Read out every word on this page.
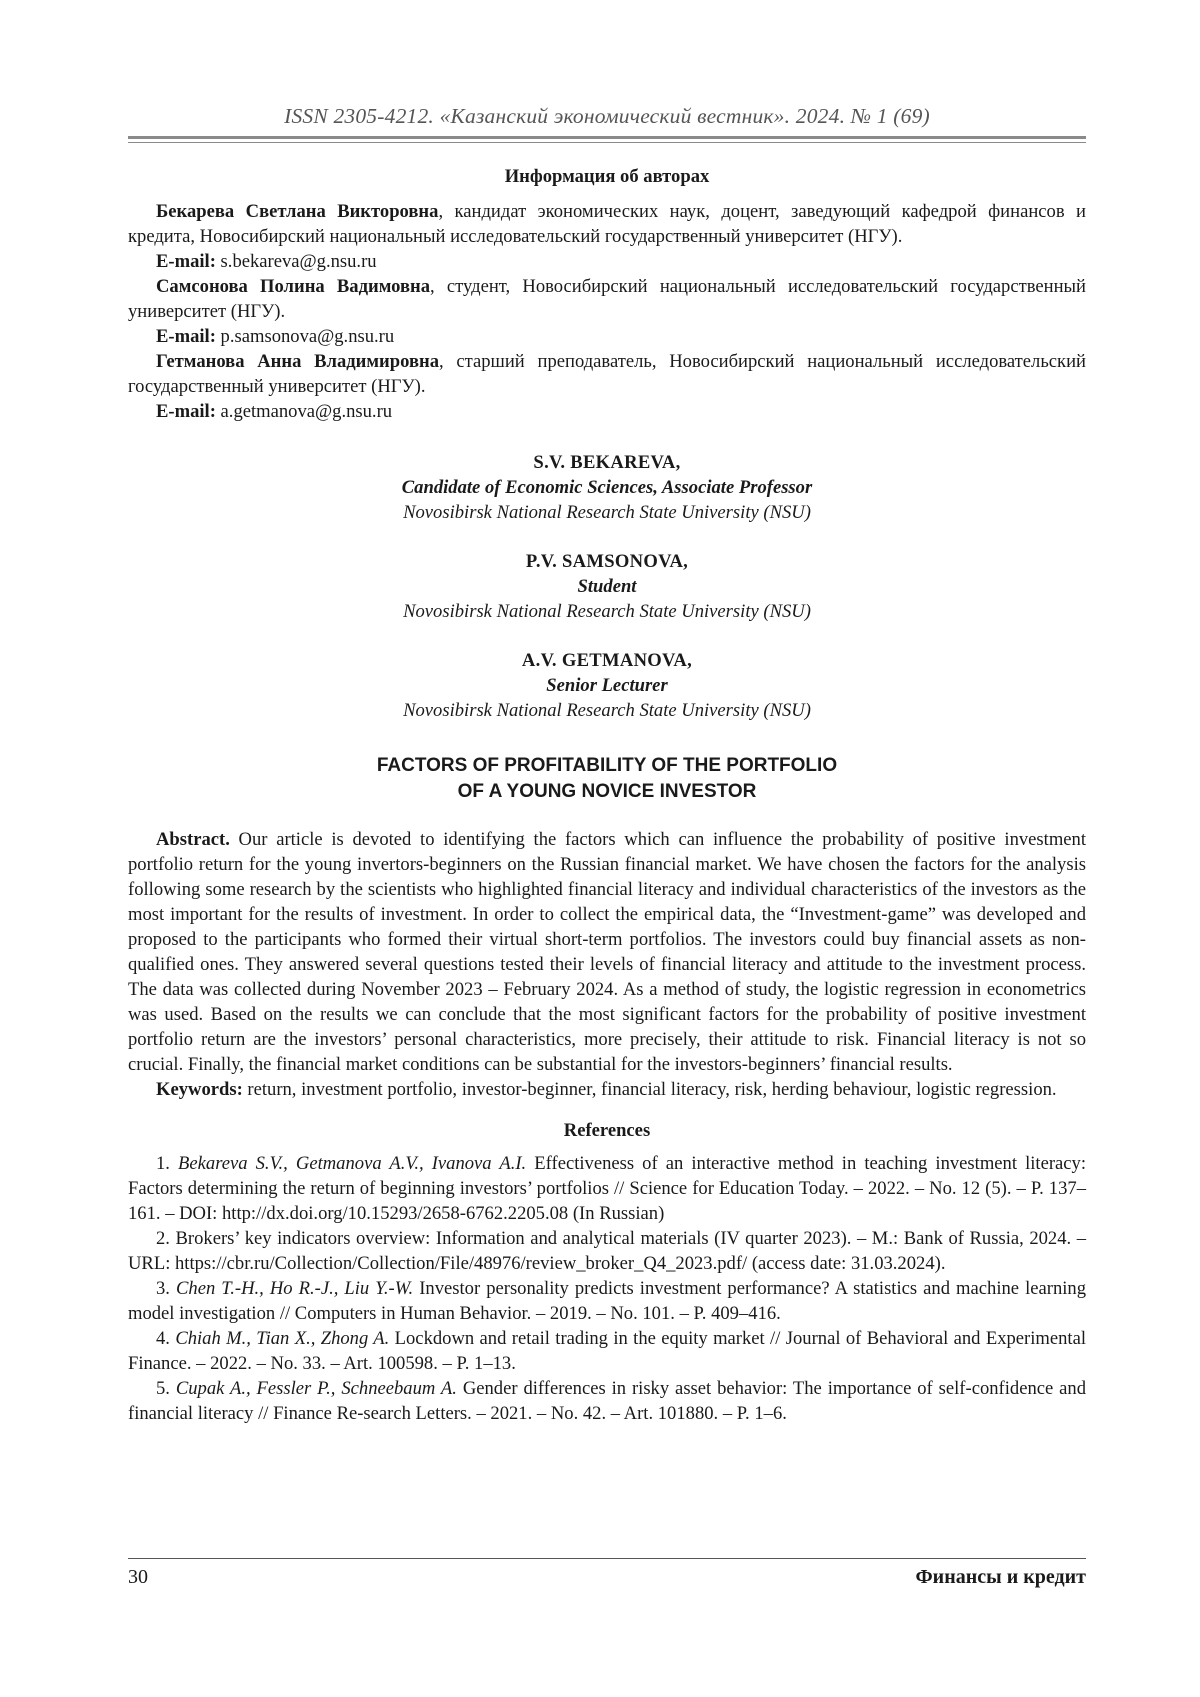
ISSN 2305-4212. «Казанский экономический вестник». 2024. № 1 (69)
Информация об авторах

Бекарева Светлана Викторовна, кандидат экономических наук, доцент, заведующий кафедрой финансов и кредита, Новосибирский национальный исследовательский государственный университет (НГУ).

E-mail: s.bekareva@g.nsu.ru

Самсонова Полина Вадимовна, студент, Новосибирский национальный исследовательский государственный университет (НГУ).

E-mail: p.samsonova@g.nsu.ru

Гетманова Анна Владимировна, старший преподаватель, Новосибирский национальный исследовательский государственный университет (НГУ).

E-mail: a.getmanova@g.nsu.ru

S.V. BEKAREVA,
Candidate of Economic Sciences, Associate Professor
Novosibirsk National Research State University (NSU)
P.V. SAMSONOVA,
Student
Novosibirsk National Research State University (NSU)
A.V. GETMANOVA,
Senior Lecturer
Novosibirsk National Research State University (NSU)
FACTORS OF PROFITABILITY OF THE PORTFOLIO
OF A YOUNG NOVICE INVESTOR

Abstract. Our article is devoted to identifying the factors which can influence the probability of positive investment portfolio return for the young invertors-beginners on the Russian financial market. We have chosen the factors for the analysis following some research by the scientists who highlighted financial literacy and individual characteristics of the investors as the most important for the results of investment. In order to collect the empirical data, the “Investment-game” was developed and proposed to the participants who formed their virtual short-term portfolios. The investors could buy financial assets as non-qualified ones. They answered several questions tested their levels of financial literacy and attitude to the investment process. The data was collected during November 2023 – February 2024. As a method of study, the logistic regression in econometrics was used. Based on the results we can conclude that the most significant factors for the probability of positive investment portfolio return are the investors’ personal characteristics, more precisely, their attitude to risk. Financial literacy is not so crucial. Finally, the financial market conditions can be substantial for the investors-beginners’ financial results.

Keywords: return, investment portfolio, investor-beginner, financial literacy, risk, herding behaviour, logistic regression.

References

1. Bekareva S.V., Getmanova A.V., Ivanova A.I. Effectiveness of an interactive method in teaching investment literacy: Factors determining the return of beginning investors’ portfolios // Science for Education Today. – 2022. – No. 12 (5). – P. 137–161. – DOI: http://dx.doi.org/10.15293/2658-6762.2205.08 (In Russian)

2. Brokers’ key indicators overview: Information and analytical materials (IV quarter 2023). – M.: Bank of Russia, 2024. – URL: https://cbr.ru/Collection/Collection/File/48976/review_broker_Q4_2023.pdf/ (access date: 31.03.2024).

3. Chen T.-H., Ho R.-J., Liu Y.-W. Investor personality predicts investment performance? A statistics and machine learning model investigation // Computers in Human Behavior. – 2019. – No. 101. – P. 409–416.

4. Chiah M., Tian X., Zhong A. Lockdown and retail trading in the equity market // Journal of Behavioral and Experimental Finance. – 2022. – No. 33. – Art. 100598. – P. 1–13.

5. Cupak A., Fessler P., Schneebaum A. Gender differences in risky asset behavior: The importance of self-confidence and financial literacy // Finance Re-search Letters. – 2021. – No. 42. – Art. 101880. – P. 1–6.

30	Финансы и кредит
